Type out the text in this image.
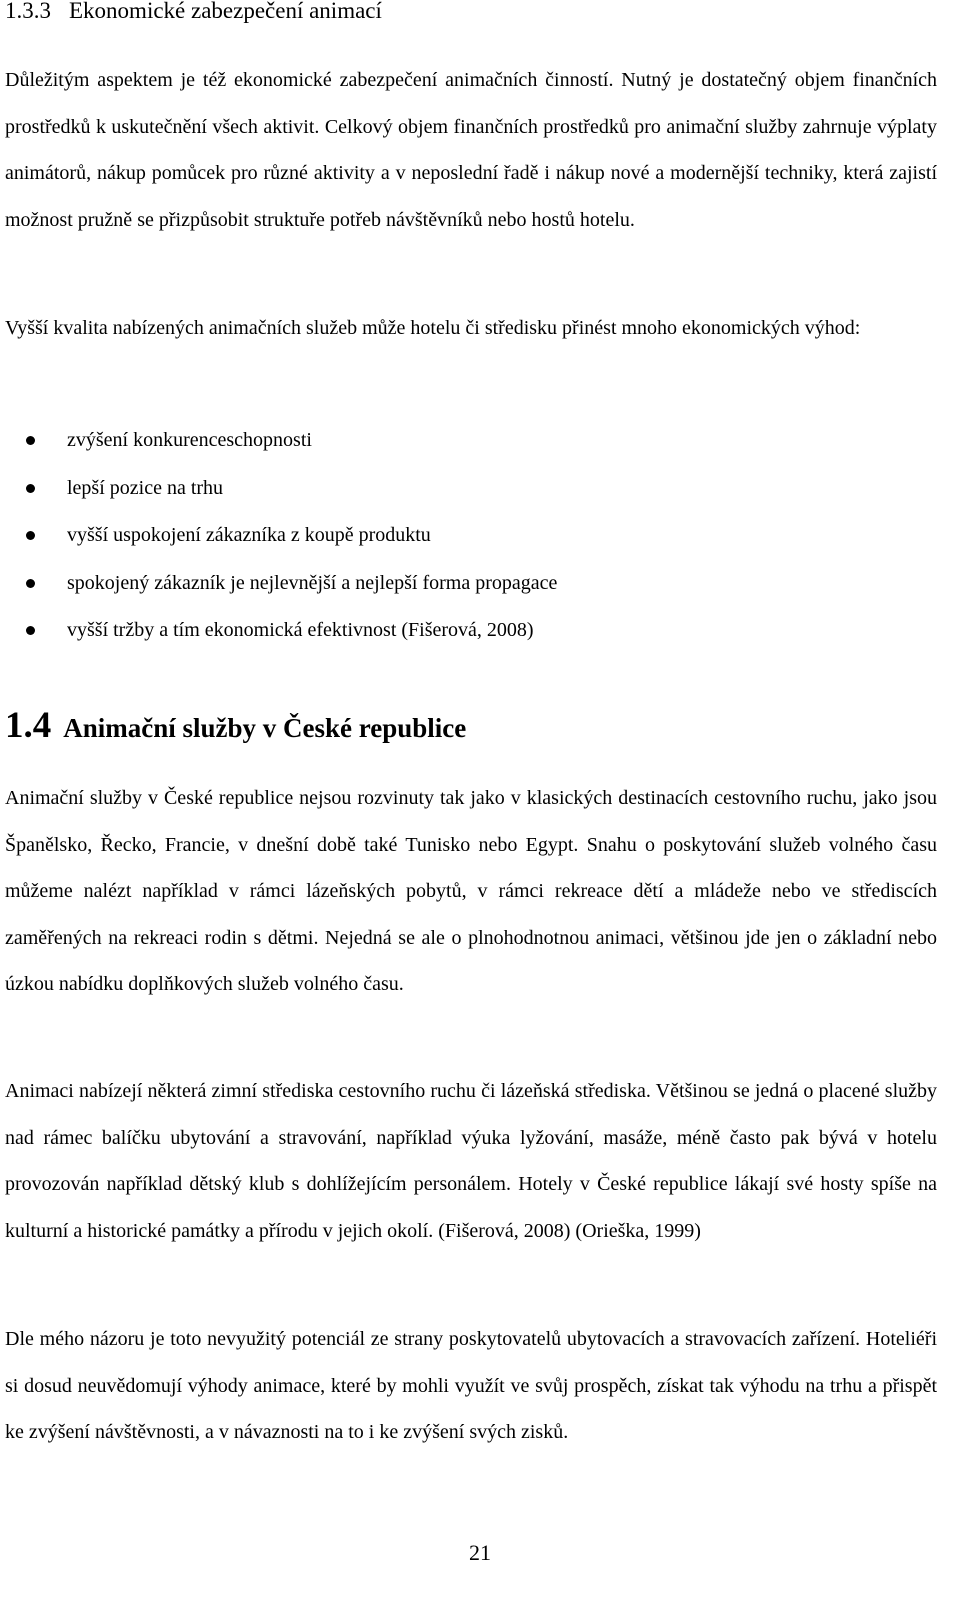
1.3.3 Ekonomické zabezpečení animací

Důležitým aspektem je též ekonomické zabezpečení animačních činností. Nutný je dostatečný objem finančních prostředků k uskutečnění všech aktivit. Celkový objem finančních prostředků pro animační služby zahrnuje výplaty animátorů, nákup pomůcek pro různé aktivity a v neposlední řadě i nákup nové a modernější techniky, která zajistí možnost pružně se přizpůsobit struktuře potřeb návštěvníků nebo hostů hotelu.

Vyšší kvalita nabízených animačních služeb může hotelu či středisku přinést mnoho ekonomických výhod:

zvýšení konkurenceschopnosti
lepší pozice na trhu
vyšší uspokojení zákazníka z koupě produktu
spokojený zákazník je nejlevnější a nejlepší forma propagace
vyšší tržby a tím ekonomická efektivnost (Fišerová, 2008)
1.4 Animační služby v České republice

Animační služby v České republice nejsou rozvinuty tak jako v klasických destinacích cestovního ruchu, jako jsou Španělsko, Řecko, Francie, v dnešní době také Tunisko nebo Egypt. Snahu o poskytování služeb volného času můžeme nalézt například v rámci lázeňských pobytů, v rámci rekreace dětí a mládeže nebo ve střediscích zaměřených na rekreaci rodin s dětmi. Nejedná se ale o plnohodnotnou animaci, většinou jde jen o základní nebo úzkou nabídku doplňkových služeb volného času.

Animaci nabízejí některá zimní střediska cestovního ruchu či lázeňská střediska. Většinou se jedná o placené služby nad rámec balíčku ubytování a stravování, například výuka lyžování, masáže, méně často pak bývá v hotelu provozován například dětský klub s dohlížejícím personálem. Hotely v České republice lákají své hosty spíše na kulturní a historické památky a přírodu v jejich okolí. (Fišerová, 2008) (Orieška, 1999)

Dle mého názoru je toto nevyužitý potenciál ze strany poskytovatelů ubytovacích a stravovacích zařízení. Hoteliéři si dosud neuvědomují výhody animace, které by mohli využít ve svůj prospěch, získat tak výhodu na trhu a přispět ke zvýšení návštěvnosti, a v návaznosti na to i ke zvýšení svých zisků.

21
